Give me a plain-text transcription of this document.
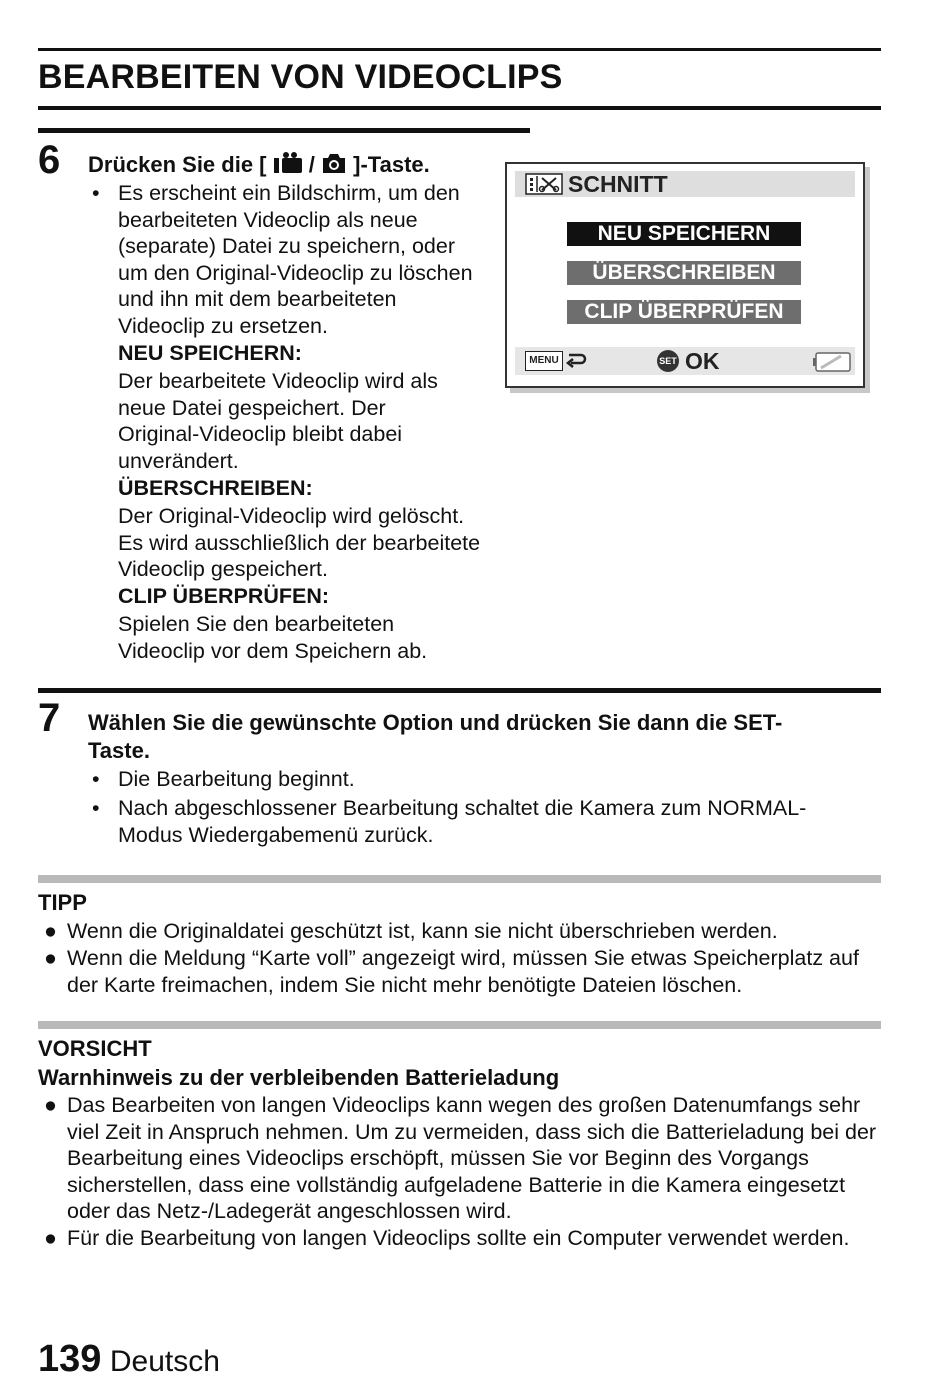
BEARBEITEN VON VIDEOCLIPS
6 Drücken Sie die [ / ]-Taste.
• Es erscheint ein Bildschirm, um den bearbeiteten Videoclip als neue (separate) Datei zu speichern, oder um den Original-Videoclip zu löschen und ihn mit dem bearbeiteten Videoclip zu ersetzen.
NEU SPEICHERN:
Der bearbeitete Videoclip wird als neue Datei gespeichert. Der Original-Videoclip bleibt dabei unverändert.
ÜBERSCHREIBEN:
Der Original-Videoclip wird gelöscht. Es wird ausschließlich der bearbeitete Videoclip gespeichert.
CLIP ÜBERPRÜFEN:
Spielen Sie den bearbeiteten Videoclip vor dem Speichern ab.
SCHNITT
NEU SPEICHERN
ÜBERSCHREIBEN
CLIP ÜBERPRÜFEN
MENU	SET OK
7 Wählen Sie die gewünschte Option und drücken Sie dann die SET-
Taste.
• Die Bearbeitung beginnt.
• Nach abgeschlossener Bearbeitung schaltet die Kamera zum NORMAL-Modus Wiedergabemenü zurück.
TIPP
● Wenn die Originaldatei geschützt ist, kann sie nicht überschrieben werden.
● Wenn die Meldung “Karte voll” angezeigt wird, müssen Sie etwas Speicherplatz auf der Karte freimachen, indem Sie nicht mehr benötigte Dateien löschen.
VORSICHT
Warnhinweis zu der verbleibenden Batterieladung
● Das Bearbeiten von langen Videoclips kann wegen des großen Datenumfangs sehr viel Zeit in Anspruch nehmen. Um zu vermeiden, dass sich die Batterieladung bei der Bearbeitung eines Videoclips erschöpft, müssen Sie vor Beginn des Vorgangs sicherstellen, dass eine vollständig aufgeladene Batterie in die Kamera eingesetzt oder das Netz-/Ladegerät angeschlossen wird.
● Für die Bearbeitung von langen Videoclips sollte ein Computer verwendet werden.
139 Deutsch
